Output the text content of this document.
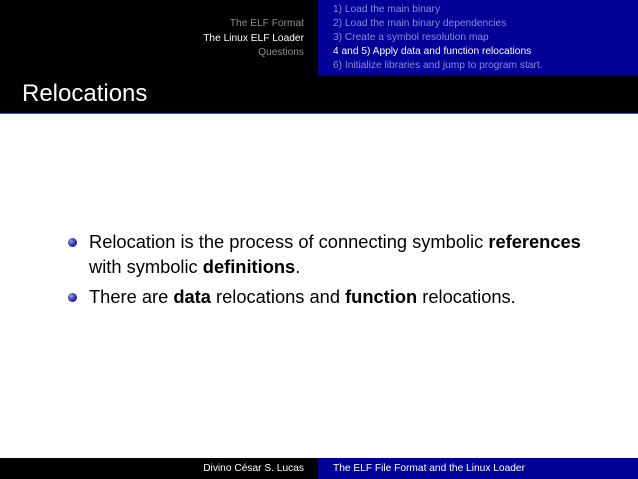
The ELF Format
The Linux ELF Loader
Questions
1) Load the main binary
2) Load the main binary dependencies
3) Create a symbol resolution map
4 and 5) Apply data and function relocations
6) Initialize libraries and jump to program start.
Relocations
Relocation is the process of connecting symbolic references with symbolic definitions.
There are data relocations and function relocations.
Divino César S. Lucas	The ELF File Format and the Linux Loader
